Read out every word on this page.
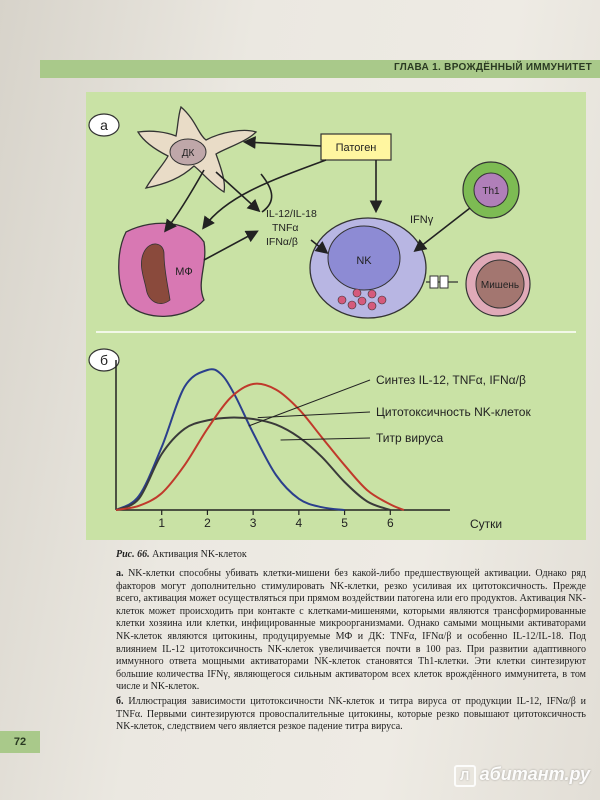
ГЛАВА 1. ВРОЖДЁННЫЙ ИММУНИТЕТ
а
ДК	Патоген
МФ
IL-12/IL-18
TNFα
IFNα/β
NK
Th1
IFNγ
Мишень
б
1	2	3	4	5	6	Сутки
Синтез IL-12, TNFα, IFNα/β
Цитотоксичность NK-клеток
Титр вируса
Рис. 66. Активация NK-клеток

а. NK-клетки способны убивать клетки-мишени без какой-либо предшествующей активации. Однако ряд факторов могут дополнительно стимулировать NK-клетки, резко усиливая их цитотоксичность. Прежде всего, активация может осуществляться при прямом воздействии патогена или его продуктов. Активация NK-клеток может происходить при контакте с клетками-мишенями, которыми являются трансформированные клетки хозяина или клетки, инфицированные микроорганизмами. Однако самыми мощными активаторами NK-клеток являются цитокины, продуцируемые МФ и ДК: TNFα, IFNα/β и особенно IL-12/IL-18. Под влиянием IL-12 цитотоксичность NK-клеток увеличивается почти в 100 раз. При развитии адаптивного иммунного ответа мощными активаторами NK-клеток становятся Th1-клетки. Эти клетки синтезируют большие количества IFNγ, являющегося сильным активатором всех клеток врождённого иммунитета, в том числе и NK-клеток.

б. Иллюстрация зависимости цитотоксичности NK-клеток и титра вируса от продукции IL-12, IFNα/β и TNFα. Первыми синтезируются провоспалительные цитокины, которые резко повышают цитотоксичность NK-клеток, следствием чего является резкое падение титра вируса.

72
Л абитант.ру
